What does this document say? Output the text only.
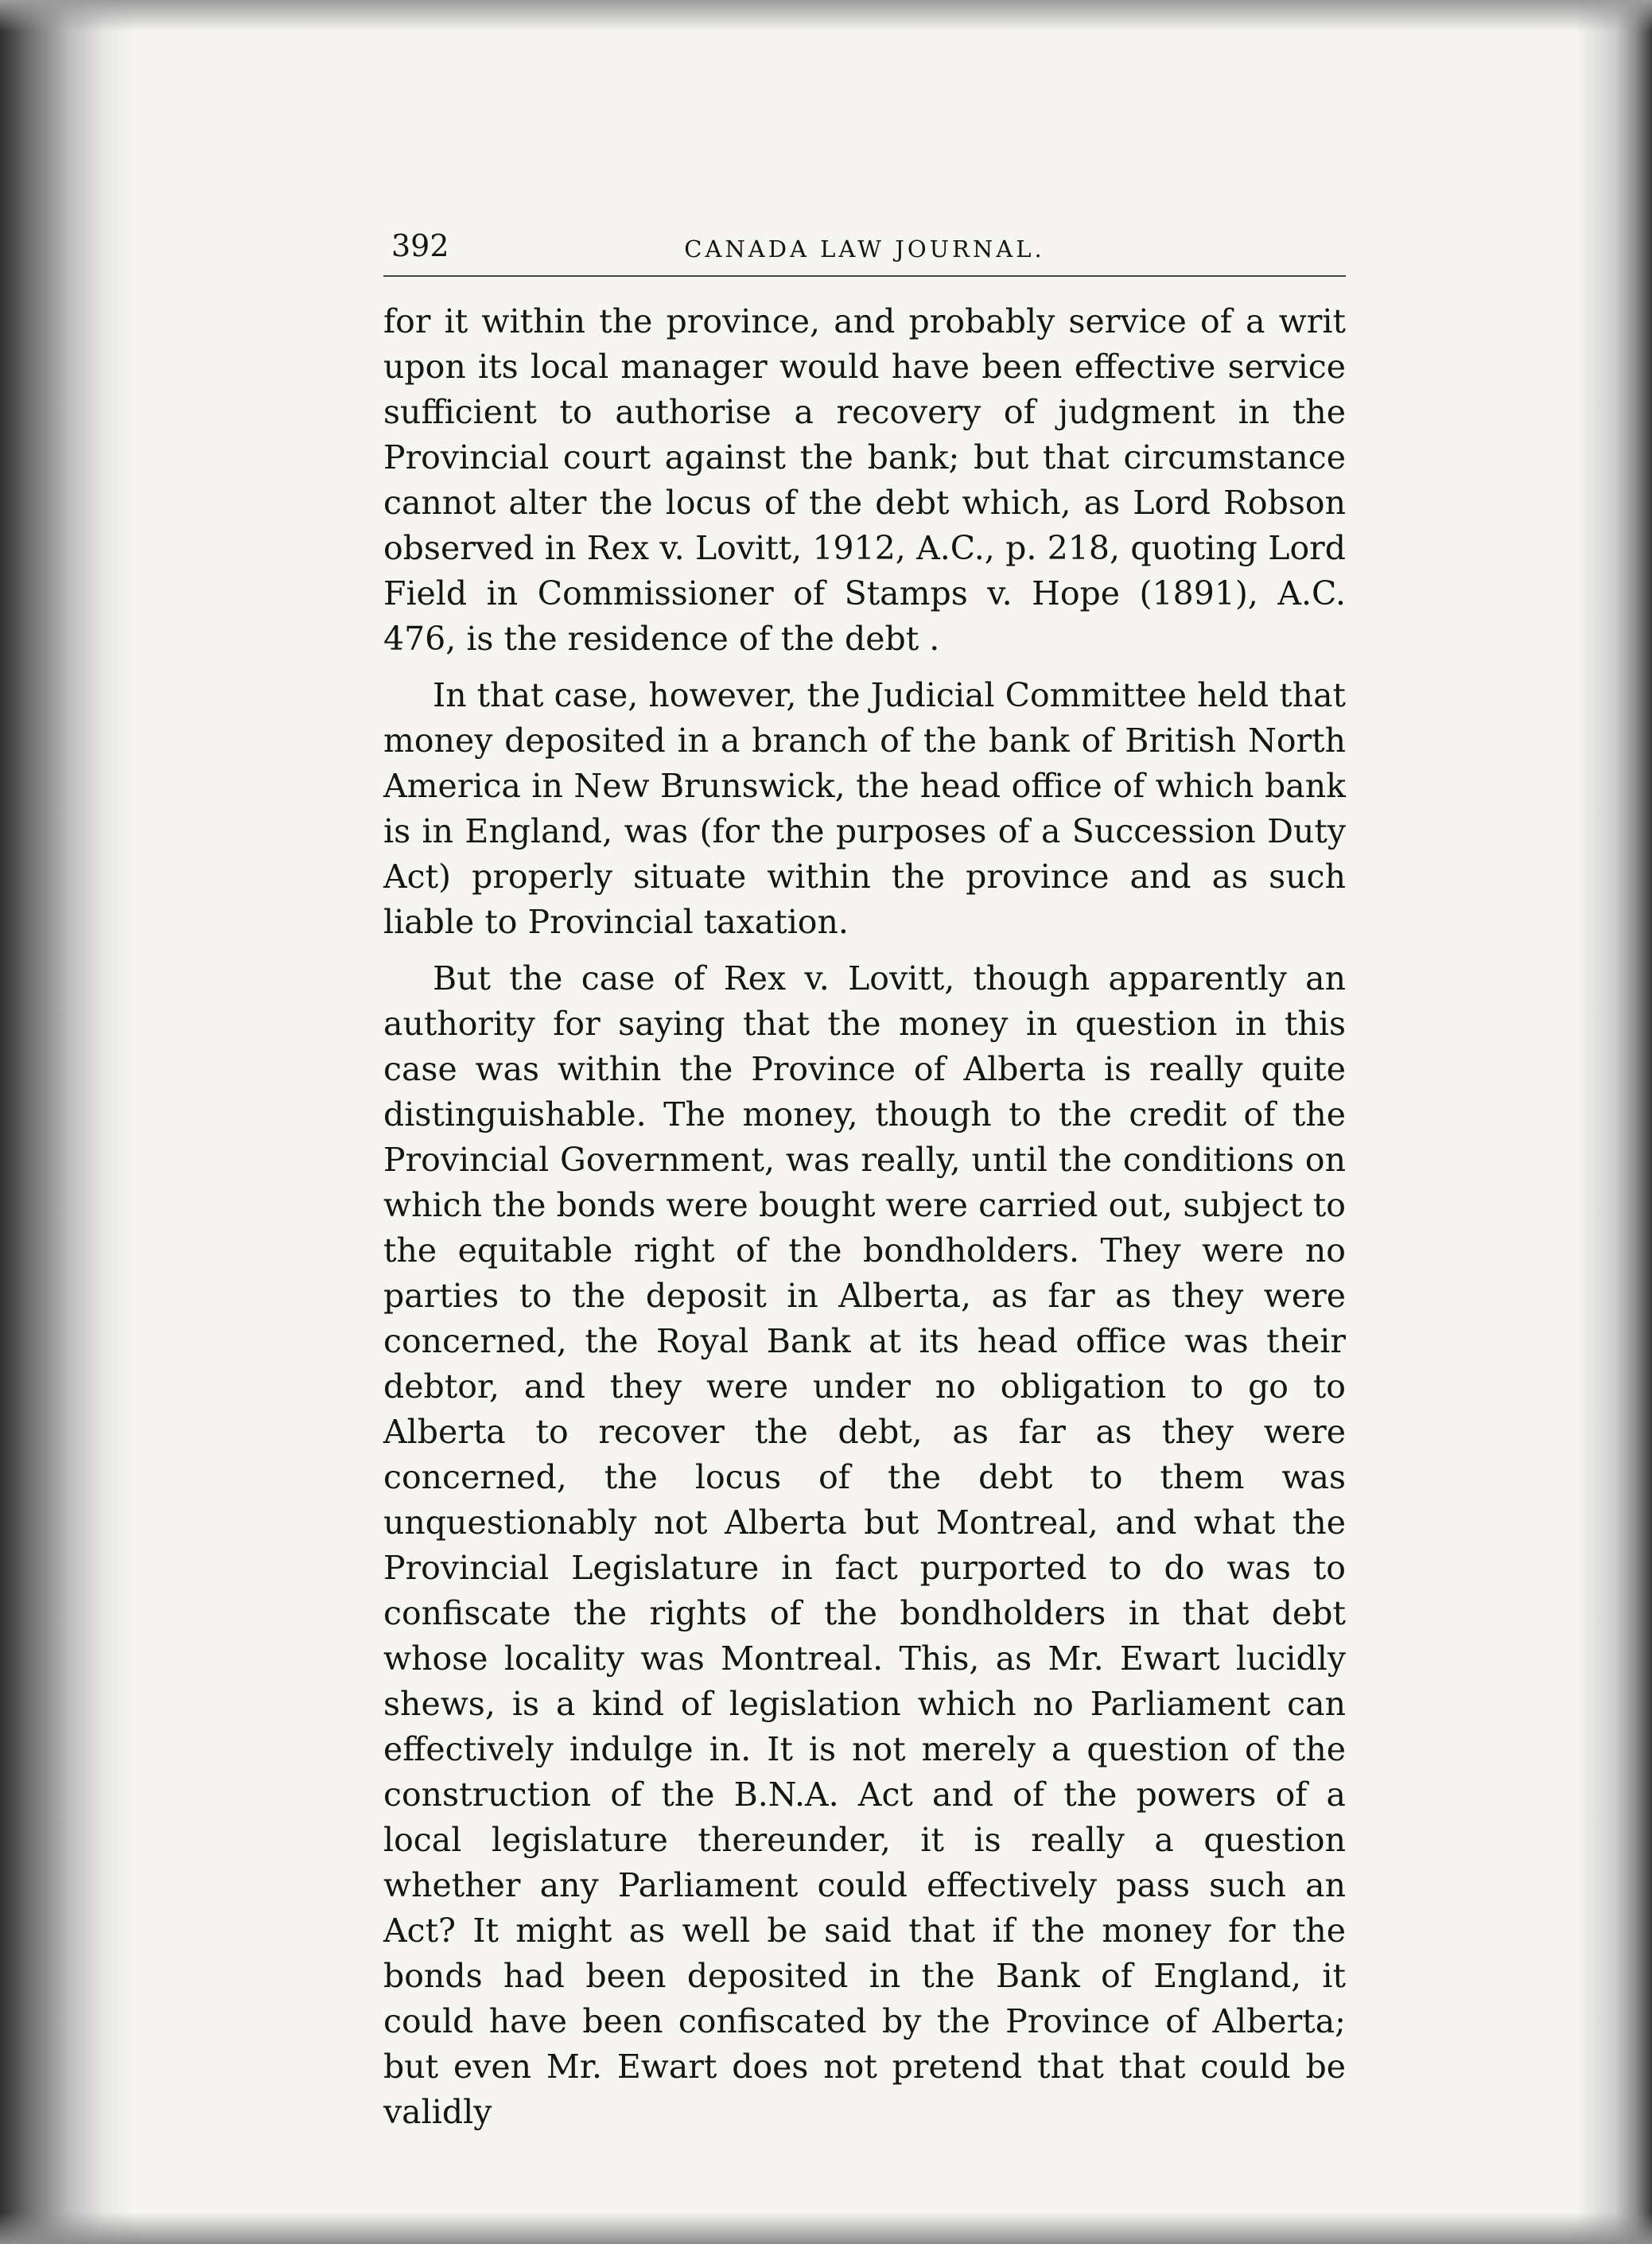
392	CANADA LAW JOURNAL.

for it within the province, and probably service of a writ upon its local manager would have been effective service sufficient to authorise a recovery of judgment in the Provincial court against the bank; but that circumstance cannot alter the locus of the debt which, as Lord Robson observed in Rex v. Lovitt, 1912, A.C., p. 218, quoting Lord Field in Commissioner of Stamps v. Hope (1891), A.C. 476, is the residence of the debt .

In that case, however, the Judicial Committee held that money deposited in a branch of the bank of British North America in New Brunswick, the head office of which bank is in England, was (for the purposes of a Succession Duty Act) properly situate within the province and as such liable to Provincial taxation.

But the case of Rex v. Lovitt, though apparently an authority for saying that the money in question in this case was within the Province of Alberta is really quite distinguishable. The money, though to the credit of the Provincial Government, was really, until the conditions on which the bonds were bought were carried out, subject to the equitable right of the bondholders. They were no parties to the deposit in Alberta, as far as they were concerned, the Royal Bank at its head office was their debtor, and they were under no obligation to go to Alberta to recover the debt, as far as they were concerned, the locus of the debt to them was unquestionably not Alberta but Montreal, and what the Provincial Legislature in fact purported to do was to confiscate the rights of the bondholders in that debt whose locality was Montreal. This, as Mr. Ewart lucidly shews, is a kind of legislation which no Parliament can effectively indulge in. It is not merely a question of the construction of the B.N.A. Act and of the powers of a local legislature thereunder, it is really a question whether any Parliament could effectively pass such an Act? It might as well be said that if the money for the bonds had been deposited in the Bank of England, it could have been confiscated by the Province of Alberta; but even Mr. Ewart does not pretend that that could be validly
